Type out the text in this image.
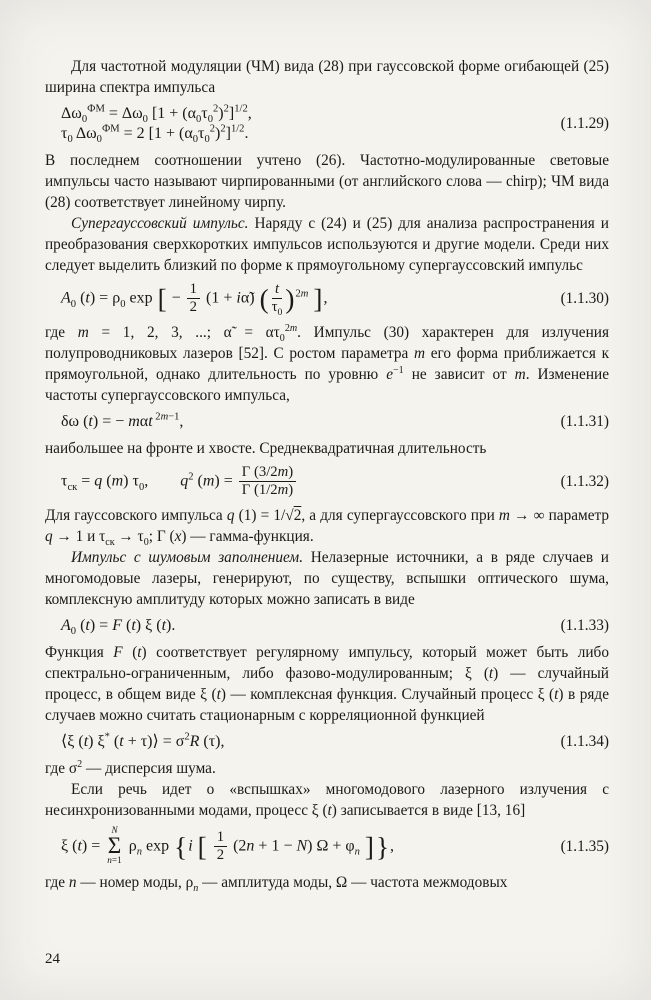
Для частотной модуляции (ЧМ) вида (28) при гауссовской форме огибающей (25) ширина спектра импульса

$\Delta\omega_0^{ФМ} = \Delta\omega_0$ $[1 + (\alpha_0\tau_0^2)^2]^{1/2}$,
$\tau_0$ $\Delta\omega_0^{ФМ} = 2$ $[1 + (\alpha_0\tau_0^2)^2]^{1/2}$.
(1.1.29)

В последнем соотношении учтено (26). Частотно-модулированные световые импульсы часто называют чирпированными (от английского слова — chirp); ЧМ вида (28) соответствует линейному чирпу.

Супергауссовский импульс. Наряду с (24) и (25) для анализа распространения и преобразования сверхкоротких импульсов используются и другие модели. Среди них следует выделить близкий по форме к прямоугольному супергауссовский импульс

$A_0$ $(t) = \rho_0$ exp [ − $\frac{1}{2} (1$ + iα̃) ( $\frac{t}{\tau_0} )^{2m}$ ],	(1.1.30)

где m = 1, 2, 3, ...; α̃ = $\alpha\tau_0^{2m}$. Импульс (30) характерен для излучения полупроводниковых лазеров [52]. С ростом параметра m его форма приближается к прямоугольной, однако длительность по уровню $e^{-1}$ не зависит от m. Изменение частоты супергауссовского импульса,

δω (t) = − mαt $^{2m-1}$,	(1.1.31)

наибольшее на фронте и хвосте. Среднеквадратичная длительность

$\tau_{ск} = q$ (m) $\tau_0$,  $q^2$ $(m) = \frac{\Gamma (3/2m)}{\Gamma (1/2m)}$	(1.1.32)

Для гауссовского импульса q (1) = 1/√2, а для супергауссовского при m → ∞ параметр q → 1 и $\tau_{ск} \to \tau_0$; Γ (x) — гамма-функция.

Импульс с шумовым заполнением. Нелазерные источники, а в ряде случаев и многомодовые лазеры, генерируют, по существу, вспышки оптического шума, комплексную амплитуду которых можно записать в виде

$A_0$ (t) = F (t) ξ (t).	(1.1.33)

Функция F (t) соответствует регулярному импульсу, который может быть либо спектрально-ограниченным, либо фазово-модулированным; ξ (t) — случайный процесс, в общем виде ξ (t) — комплексная функция. Случайный процесс ξ (t) в ряде случаев можно считать стационарным с корреляционной функцией

⟨ξ (t) ξ* (t + τ)⟩ = $\sigma^2R$ (τ),	(1.1.34)

где $\sigma^2$ — дисперсия шума.

Если речь идет о «вспышках» многомодового лазерного излучения с несинхронизованными модами, процесс ξ (t) записывается в виде [13, 16]

ξ (t) =
N
Σ
n=1
$\rho_n$ exp {i [ $\frac{1}{2} (2n + 1 - N) \Omega + \varphi_n$ ]},	(1.1.35)

где n — номер моды, $\rho_n$ — амплитуда моды, Ω — частота межмодовых

24
